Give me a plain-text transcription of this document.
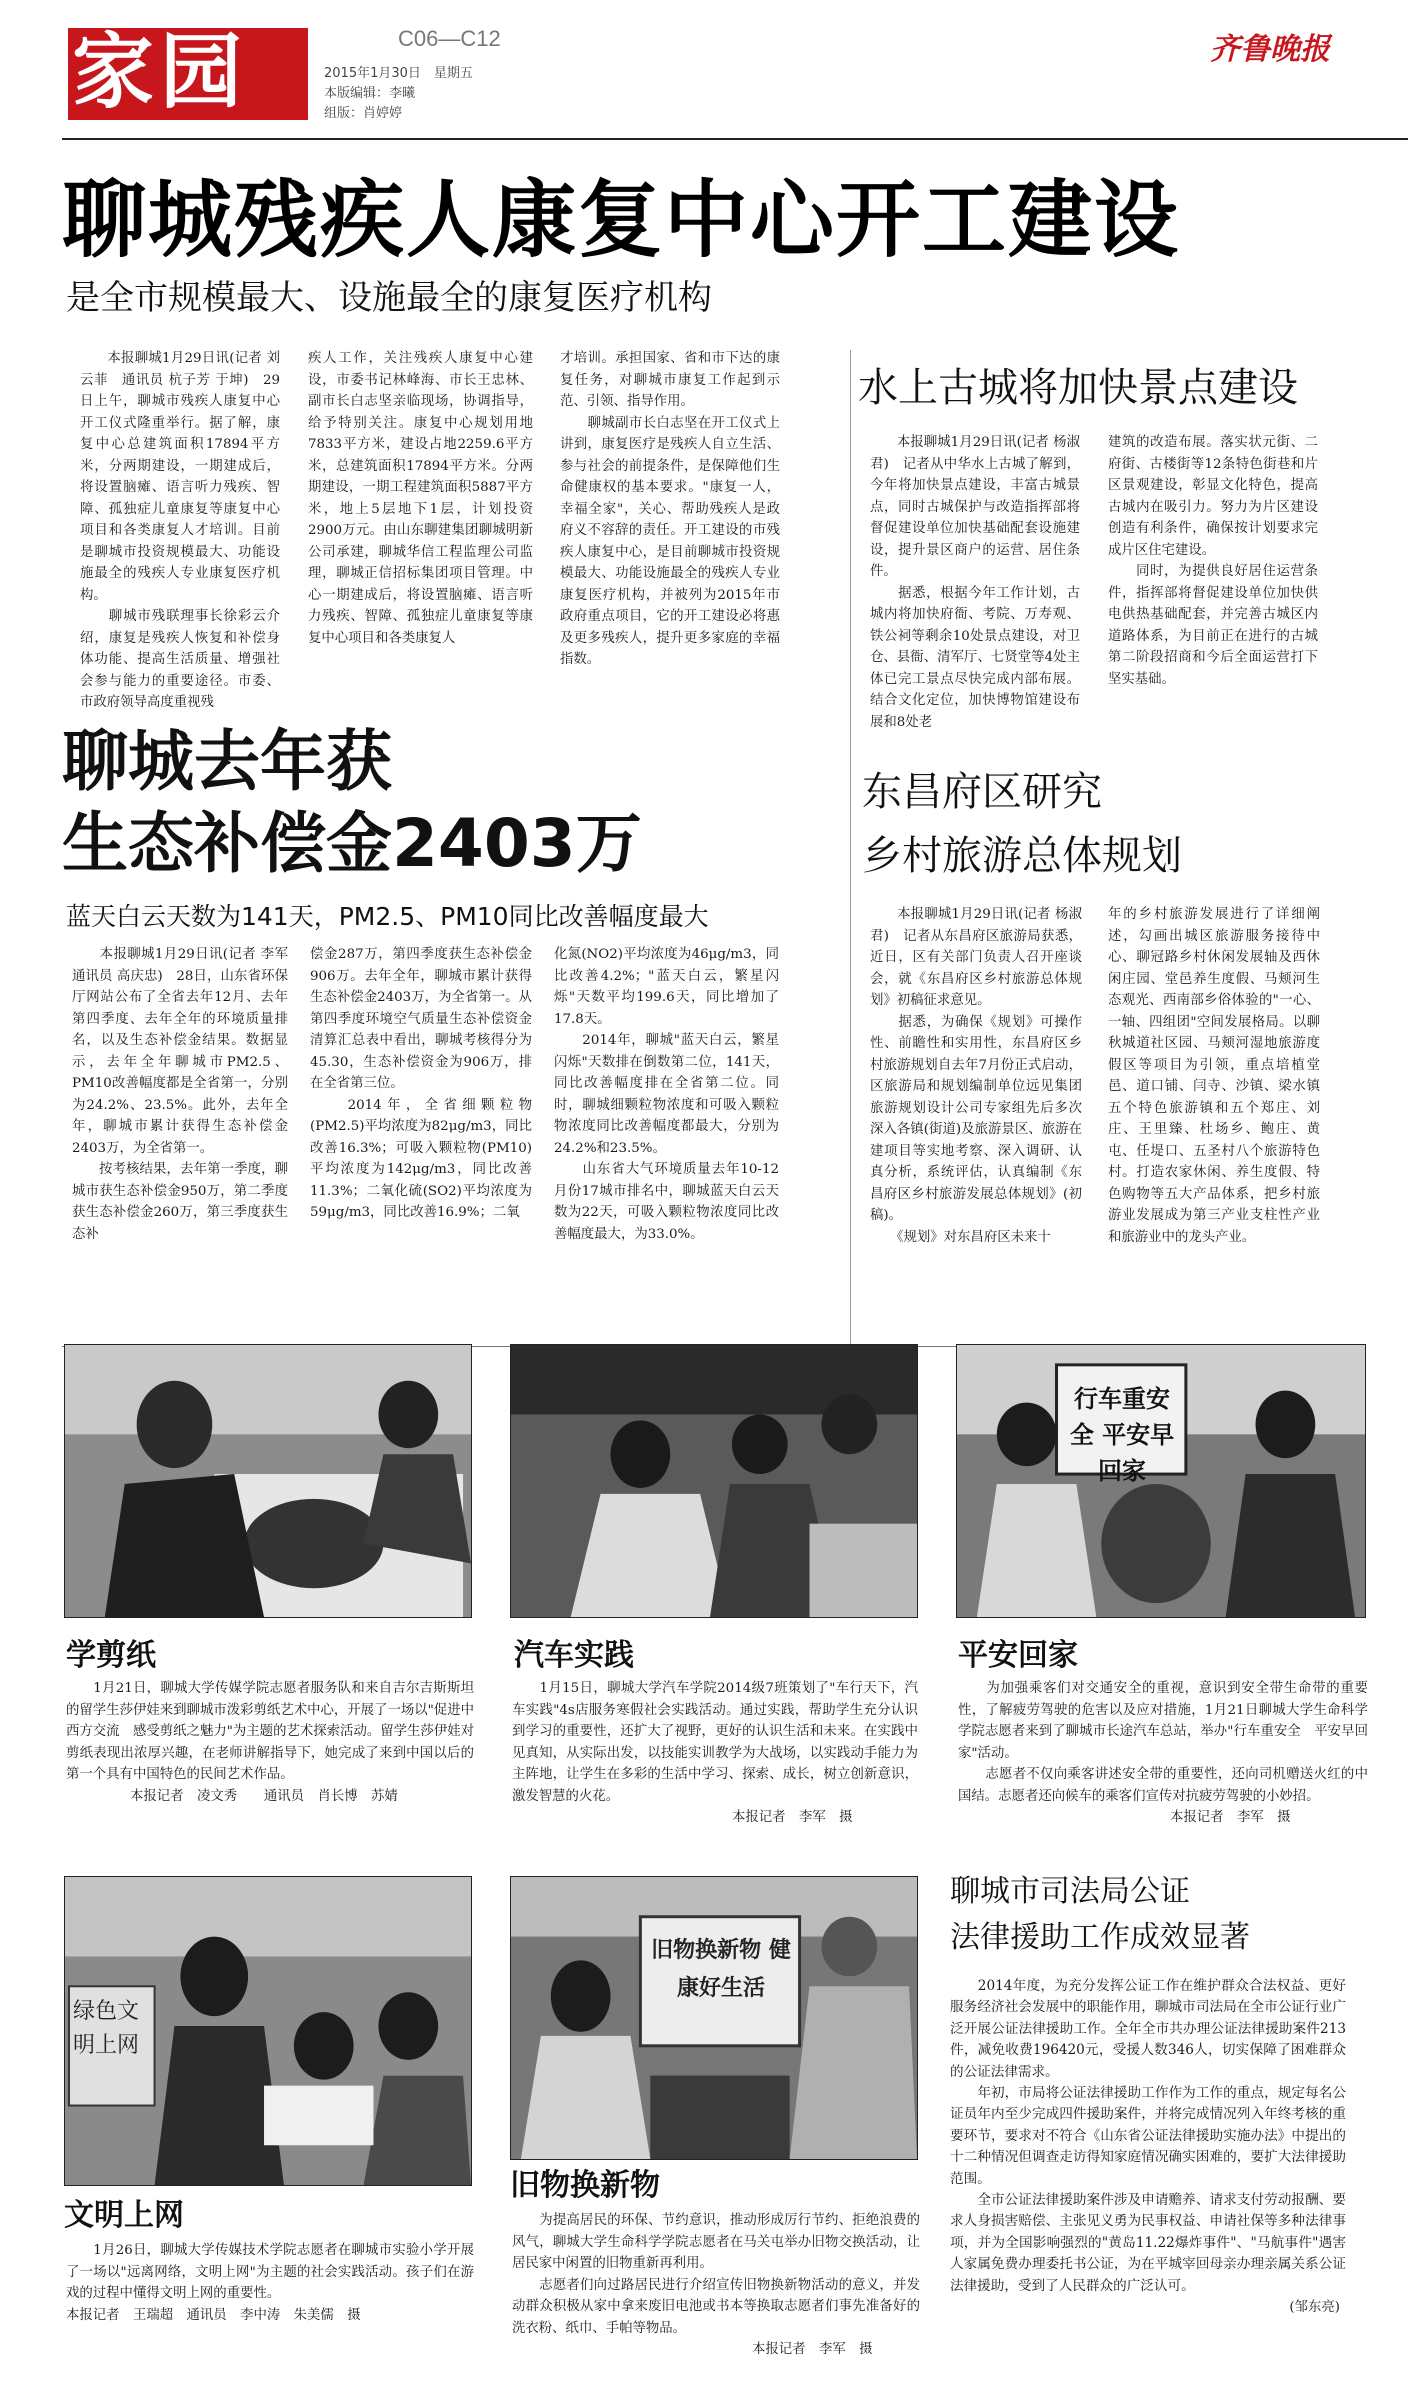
家园	C06—C12
2015年1月30日　星期五
本版编辑：李曦
组版：肖婷婷
齐鲁晚报
聊城残疾人康复中心开工建设
是全市规模最大、设施最全的康复医疗机构
　　本报聊城1月29日讯(记者 刘云菲　通讯员 杭子芳 于坤)　29日上午，聊城市残疾人康复中心开工仪式隆重举行。据了解，康复中心总建筑面积17894平方米，分两期建设，一期建成后，将设置脑瘫、语言听力残疾、智障、孤独症儿童康复等康复中心项目和各类康复人才培训。目前是聊城市投资规模最大、功能设施最全的残疾人专业康复医疗机构。
　　聊城市残联理事长徐彩云介绍，康复是残疾人恢复和补偿身体功能、提高生活质量、增强社会参与能力的重要途径。市委、市政府领导高度重视残
疾人工作，关注残疾人康复中心建设，市委书记林峰海、市长王忠林、副市长白志坚亲临现场，协调指导，给予特别关注。康复中心规划用地7833平方米，建设占地2259.6平方米，总建筑面积17894平方米。分两期建设，一期工程建筑面积5887平方米，地上5层地下1层，计划投资2900万元。由山东聊建集团聊城明新公司承建，聊城华信工程监理公司监理，聊城正信招标集团项目管理。中心一期建成后，将设置脑瘫、语言听力残疾、智障、孤独症儿童康复等康复中心项目和各类康复人
才培训。承担国家、省和市下达的康复任务，对聊城市康复工作起到示范、引领、指导作用。
　　聊城副市长白志坚在开工仪式上讲到，康复医疗是残疾人自立生活、参与社会的前提条件，是保障他们生命健康权的基本要求。"康复一人，幸福全家"，关心、帮助残疾人是政府义不容辞的责任。开工建设的市残疾人康复中心，是目前聊城市投资规模最大、功能设施最全的残疾人专业康复医疗机构，并被列为2015年市政府重点项目，它的开工建设必将惠及更多残疾人，提升更多家庭的幸福指数。
水上古城将加快景点建设
　　本报聊城1月29日讯(记者 杨淑君)　记者从中华水上古城了解到，今年将加快景点建设，丰富古城景点，同时古城保护与改造指挥部将督促建设单位加快基础配套设施建设，提升景区商户的运营、居住条件。
　　据悉，根据今年工作计划，古城内将加快府衙、考院、万寿观、铁公祠等剩余10处景点建设，对卫仓、县衙、清军厅、七贤堂等4处主体已完工景点尽快完成内部布展。结合文化定位，加快博物馆建设布展和8处老
建筑的改造布展。落实状元街、二府街、古楼街等12条特色街巷和片区景观建设，彰显文化特色，提高古城内在吸引力。努力为片区建设创造有利条件，确保按计划要求完成片区住宅建设。
　　同时，为提供良好居住运营条件，指挥部将督促建设单位加快供电供热基础配套，并完善古城区内道路体系，为目前正在进行的古城第二阶段招商和今后全面运营打下坚实基础。
聊城去年获
生态补偿金2403万
蓝天白云天数为141天，PM2.5、PM10同比改善幅度最大
　　本报聊城1月29日讯(记者 李军　通讯员 高庆忠)　28日，山东省环保厅网站公布了全省去年12月、去年第四季度、去年全年的环境质量排名，以及生态补偿金结果。数据显示，去年全年聊城市PM2.5、PM10改善幅度都是全省第一，分别为24.2%、23.5%。此外，去年全年，聊城市累计获得生态补偿金2403万，为全省第一。
　　按考核结果，去年第一季度，聊城市获生态补偿金950万，第二季度获生态补偿金260万，第三季度获生态补
偿金287万，第四季度获生态补偿金906万。去年全年，聊城市累计获得生态补偿金2403万，为全省第一。从第四季度环境空气质量生态补偿资金清算汇总表中看出，聊城考核得分为45.30，生态补偿资金为906万，排在全省第三位。
　　2014年，全省细颗粒物(PM2.5)平均浓度为82μg/m3，同比改善16.3%；可吸入颗粒物(PM10)平均浓度为142μg/m3，同比改善11.3%；二氧化硫(SO2)平均浓度为59μg/m3，同比改善16.9%；二氧
化氮(NO2)平均浓度为46μg/m3，同比改善4.2%；"蓝天白云，繁星闪烁"天数平均199.6天，同比增加了17.8天。
　　2014年，聊城"蓝天白云，繁星闪烁"天数排在倒数第二位，141天，同比改善幅度排在全省第二位。同时，聊城细颗粒物浓度和可吸入颗粒物浓度同比改善幅度都最大，分别为24.2%和23.5%。
　　山东省大气环境质量去年10-12月份17城市排名中，聊城蓝天白云天数为22天，可吸入颗粒物浓度同比改善幅度最大，为33.0%。
东昌府区研究
乡村旅游总体规划
　　本报聊城1月29日讯(记者 杨淑君)　记者从东昌府区旅游局获悉，近日，区有关部门负责人召开座谈会，就《东昌府区乡村旅游总体规划》初稿征求意见。
　　据悉，为确保《规划》可操作性、前瞻性和实用性，东昌府区乡村旅游规划自去年7月份正式启动，区旅游局和规划编制单位远见集团旅游规划设计公司专家组先后多次深入各镇(街道)及旅游景区、旅游在建项目等实地考察、深入调研、认真分析，系统评估，认真编制《东昌府区乡村旅游发展总体规划》(初稿)。
　　《规划》对东昌府区未来十
年的乡村旅游发展进行了详细阐述，勾画出城区旅游服务接待中心、聊冠路乡村休闲发展轴及西休闲庄园、堂邑养生度假、马颊河生态观光、西南部乡俗体验的"一心、一轴、四组团"空间发展格局。以聊秋城道社区园、马颊河湿地旅游度假区等项目为引领，重点培植堂邑、道口铺、闫寺、沙镇、梁水镇五个特色旅游镇和五个郑庄、刘庄、王里臻、杜场乡、鲍庄、黄屯、任堤口、五圣村八个旅游特色村。打造农家休闲、养生度假、特色购物等五大产品体系，把乡村旅游业发展成为第三产业支柱性产业和旅游业中的龙头产业。
行车重安全 平安早回家
学剪纸
　　1月21日，聊城大学传媒学院志愿者服务队和来自吉尔吉斯斯坦的留学生莎伊娃来到聊城市泼彩剪纸艺术中心，开展了一场以"促进中西方交流　感受剪纸之魅力"为主题的艺术探索活动。留学生莎伊娃对剪纸表现出浓厚兴趣，在老师讲解指导下，她完成了来到中国以后的第一个具有中国特色的民间艺术作品。
本报记者　凌文秀　　通讯员　肖长博　苏婧
汽车实践
　　1月15日，聊城大学汽车学院2014级7班策划了"车行天下，汽车实践"4s店服务寒假社会实践活动。通过实践，帮助学生充分认识到学习的重要性，还扩大了视野，更好的认识生活和未来。在实践中见真知，从实际出发，以技能实训教学为大战场，以实践动手能力为主阵地，让学生在多彩的生活中学习、探索、成长，树立创新意识，激发智慧的火花。
本报记者　李军　摄
平安回家
　　为加强乘客们对交通安全的重视，意识到安全带生命带的重要性，了解疲劳驾驶的危害以及应对措施，1月21日聊城大学生命科学学院志愿者来到了聊城市长途汽车总站，举办"行车重安全　平安早回家"活动。
　　志愿者不仅向乘客讲述安全带的重要性，还向司机赠送火红的中国结。志愿者还向候车的乘客们宣传对抗疲劳驾驶的小妙招。
本报记者　李军　摄
绿色文明上网
旧物换新物 健康好生活
文明上网
　　1月26日，聊城大学传媒技术学院志愿者在聊城市实验小学开展了一场以"远离网络，文明上网"为主题的社会实践活动。孩子们在游戏的过程中懂得文明上网的重要性。
本报记者　王瑞超　通讯员　李中涛　朱美儒　摄
旧物换新物
　　为提高居民的环保、节约意识，推动形成厉行节约、拒绝浪费的风气，聊城大学生命科学学院志愿者在马关屯举办旧物交换活动，让居民家中闲置的旧物重新再利用。
　　志愿者们向过路居民进行介绍宣传旧物换新物活动的意义，并发动群众积极从家中拿来废旧电池或书本等换取志愿者们事先准备好的洗衣粉、纸巾、手帕等物品。
本报记者　李军　摄
聊城市司法局公证
法律援助工作成效显著
　　2014年度，为充分发挥公证工作在维护群众合法权益、更好服务经济社会发展中的职能作用，聊城市司法局在全市公证行业广泛开展公证法律援助工作。全年全市共办理公证法律援助案件213件，减免收费196420元，受援人数346人，切实保障了困难群众的公证法律需求。
　　年初，市局将公证法律援助工作作为工作的重点，规定每名公证员年内至少完成四件援助案件，并将完成情况列入年终考核的重要环节，要求对不符合《山东省公证法律援助实施办法》中提出的十二种情况但调查走访得知家庭情况确实困难的，要扩大法律援助范围。
　　全市公证法律援助案件涉及申请赡养、请求支付劳动报酬、要求人身损害赔偿、主张见义勇为民事权益、申请社保等多种法律事项，并为全国影响强烈的"黄岛11.22爆炸事件"、"马航事件"遇害人家属免费办理委托书公证，为在平城宰回母亲办理亲属关系公证法律援助，受到了人民群众的广泛认可。
(邹东亮)
